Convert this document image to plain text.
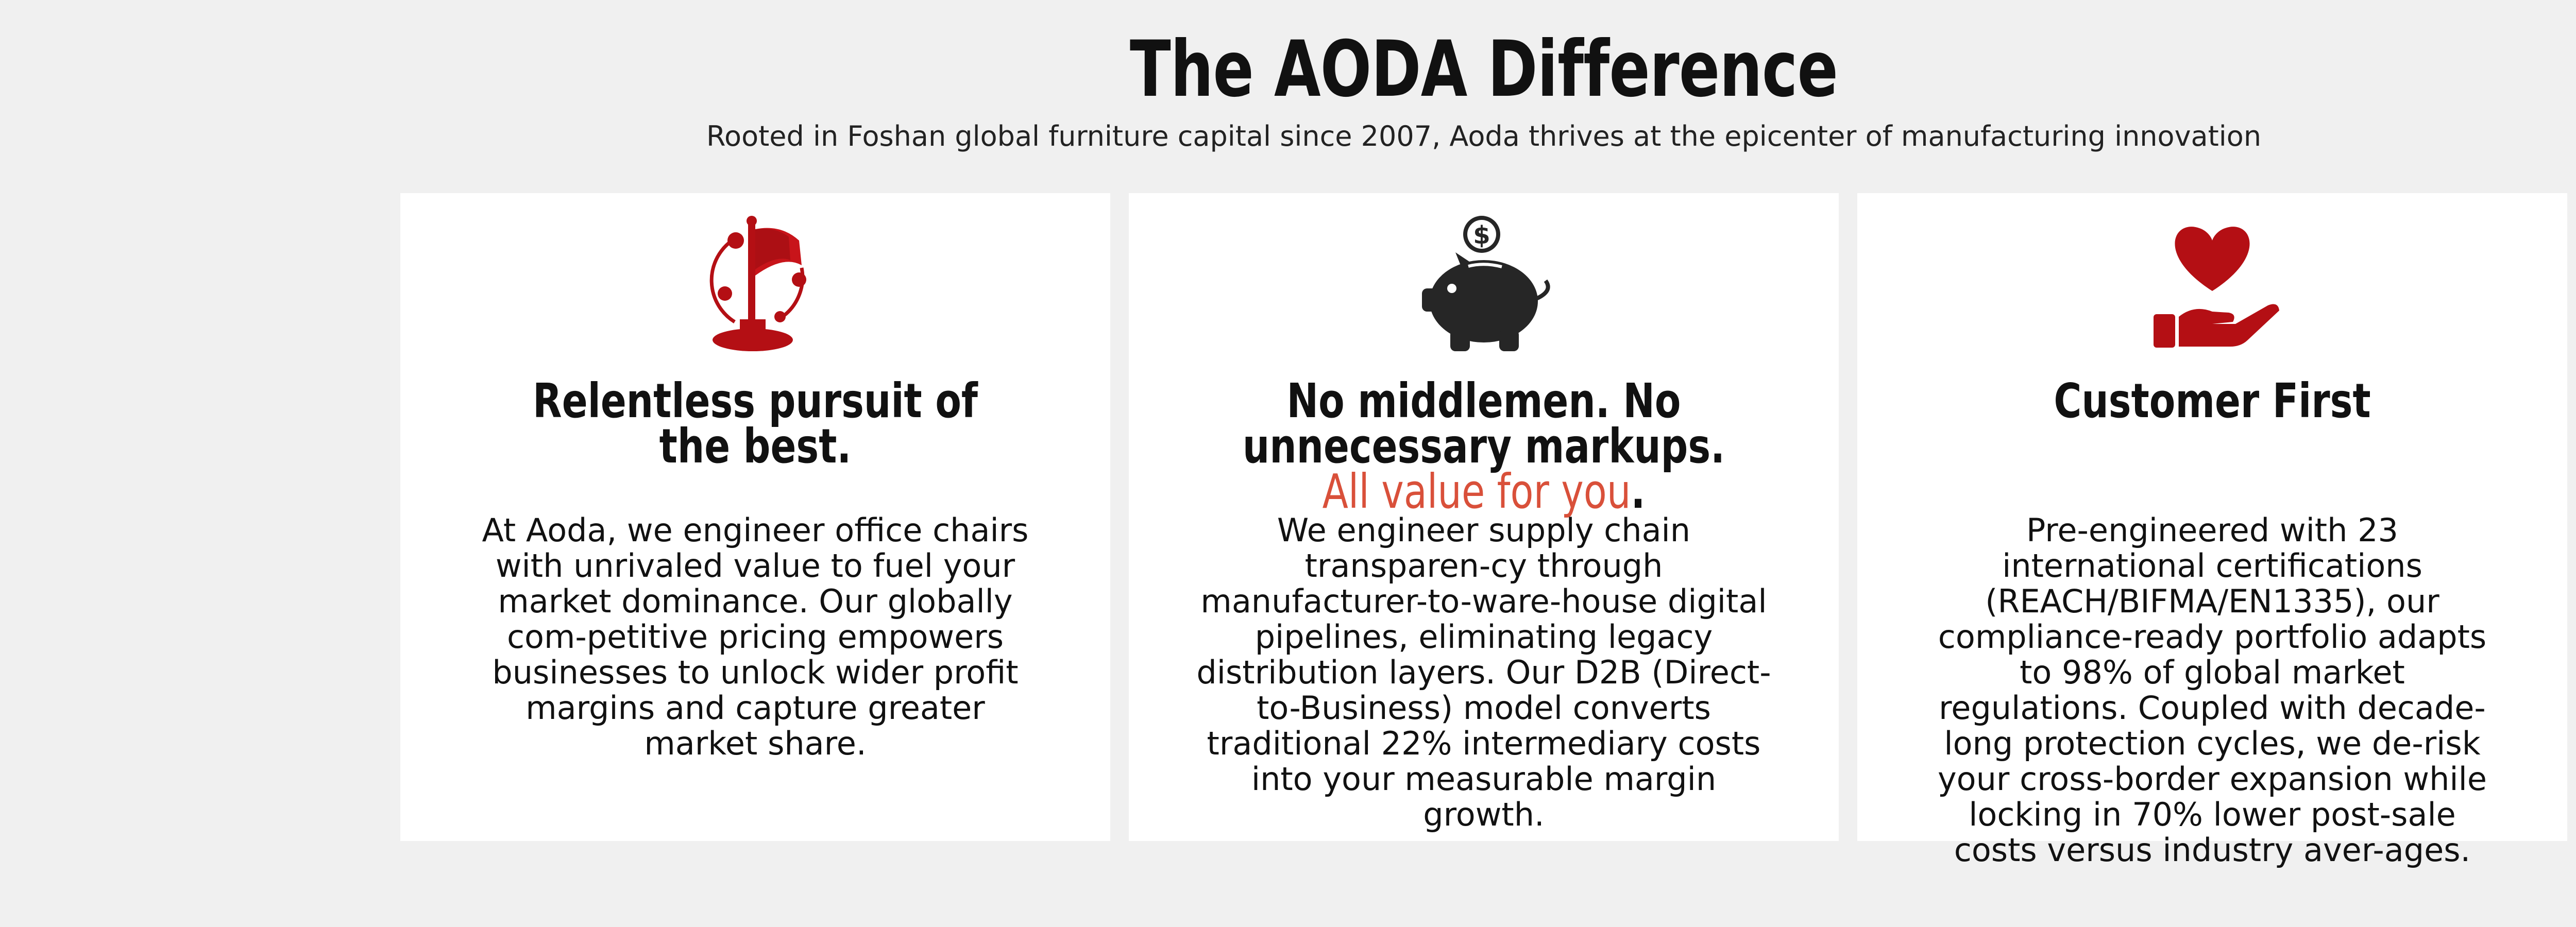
The AODA Difference
Rooted in Foshan global furniture capital since 2007, Aoda thrives at the epicenter of manufacturing innovation
Relentless pursuit of the best.
At Aoda, we engineer office chairs with unrivaled value to fuel your market dominance. Our globally com-petitive pricing empowers businesses to unlock wider profit margins and capture greater market share.
$
No middlemen. No unnecessary markups. All value for you.
We engineer supply chain transparen-cy through manufacturer-to-ware-house digital pipelines, eliminating legacy distribution layers. Our D2B (Direct-to-Business) model converts traditional 22% intermediary costs into your measurable margin growth.
Customer First
Pre-engineered with 23 international certifications (REACH/BIFMA/EN1335), our compliance-ready portfolio adapts to 98% of global market regulations. Coupled with decade-long protection cycles, we de-risk your cross-border expansion while locking in 70% lower post-sale costs versus industry aver-ages.
